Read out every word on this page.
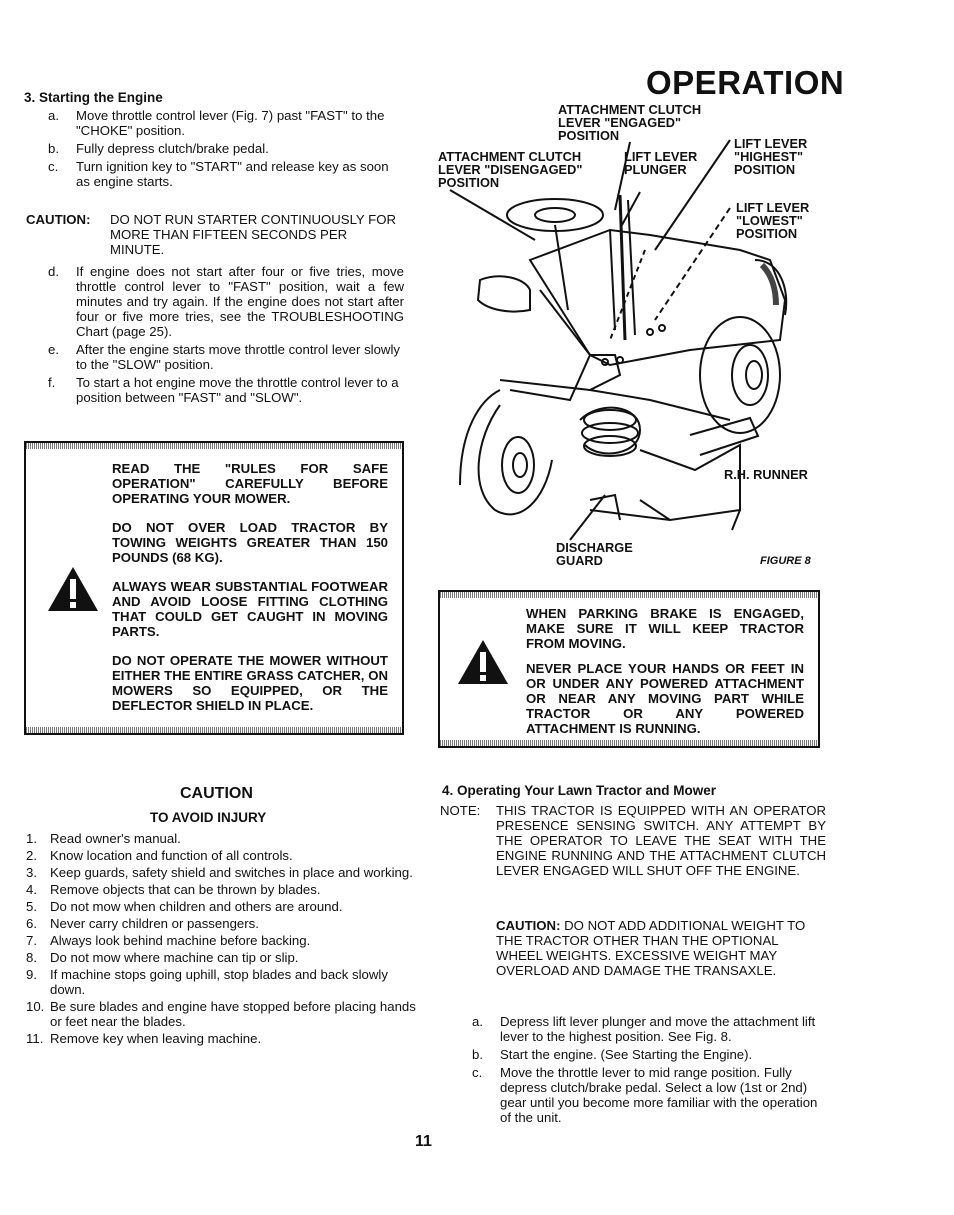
OPERATION
3. Starting the Engine
a.	Move throttle control lever (Fig. 7) past "FAST" to the "CHOKE" position.
b.	Fully depress clutch/brake pedal.
c.	Turn ignition key to "START" and release key as soon as engine starts.
CAUTION: DO NOT RUN STARTER CONTINUOUSLY FOR MORE THAN FIFTEEN SECONDS PER MINUTE.
d.	If engine does not start after four or five tries, move throttle control lever to "FAST" position, wait a few minutes and try again. If the engine does not start after four or five more tries, see the TROUBLESHOOTING Chart (page 25).
e.	After the engine starts move throttle control lever slowly to the "SLOW" position.
f.	To start a hot engine move the throttle control lever to a position between "FAST" and "SLOW".

READ THE "RULES FOR SAFE OPERATION" CAREFULLY BEFORE OPERATING YOUR MOWER.

DO NOT OVER LOAD TRACTOR BY TOWING WEIGHTS GREATER THAN 150 POUNDS (68 KG).

ALWAYS WEAR SUBSTANTIAL FOOTWEAR AND AVOID LOOSE FITTING CLOTHING THAT COULD GET CAUGHT IN MOVING PARTS.

DO NOT OPERATE THE MOWER WITHOUT EITHER THE ENTIRE GRASS CATCHER, ON MOWERS SO EQUIPPED, OR THE DEFLECTOR SHIELD IN PLACE.

ATTACHMENT CLUTCH
LEVER "ENGAGED"
POSITION
ATTACHMENT CLUTCH
LEVER "DISENGAGED"
POSITION
LIFT LEVER
PLUNGER
LIFT LEVER
"HIGHEST"
POSITION
LIFT LEVER
"LOWEST"
POSITION
R.H. RUNNER
DISCHARGE
GUARD	FIGURE 8

WHEN PARKING BRAKE IS ENGAGED, MAKE SURE IT WILL KEEP TRACTOR FROM MOVING.

NEVER PLACE YOUR HANDS OR FEET IN OR UNDER ANY POWERED ATTACHMENT OR NEAR ANY MOVING PART WHILE TRACTOR OR ANY POWERED ATTACHMENT IS RUNNING.

CAUTION
TO AVOID INJURY
1. Read owner's manual.
2. Know location and function of all controls.
3. Keep guards, safety shield and switches in place and working.
4. Remove objects that can be thrown by blades.
5. Do not mow when children and others are around.
6. Never carry children or passengers.
7. Always look behind machine before backing.
8. Do not mow where machine can tip or slip.
9. If machine stops going uphill, stop blades and back slowly down.
10. Be sure blades and engine have stopped before placing hands or feet near the blades.
11. Remove key when leaving machine.
4. Operating Your Lawn Tractor and Mower
NOTE: THIS TRACTOR IS EQUIPPED WITH AN OPERATOR PRESENCE SENSING SWITCH. ANY ATTEMPT BY THE OPERATOR TO LEAVE THE SEAT WITH THE ENGINE RUNNING AND THE ATTACHMENT CLUTCH LEVER ENGAGED WILL SHUT OFF THE ENGINE.
CAUTION: DO NOT ADD ADDITIONAL WEIGHT TO THE TRACTOR OTHER THAN THE OPTIONAL WHEEL WEIGHTS. EXCESSIVE WEIGHT MAY OVERLOAD AND DAMAGE THE TRANSAXLE.
a.	Depress lift lever plunger and move the attachment lift lever to the highest position. See Fig. 8.
b.	Start the engine. (See Starting the Engine).
c.	Move the throttle lever to mid range position. Fully depress clutch/brake pedal. Select a low (1st or 2nd) gear until you become more familiar with the operation of the unit.
11
